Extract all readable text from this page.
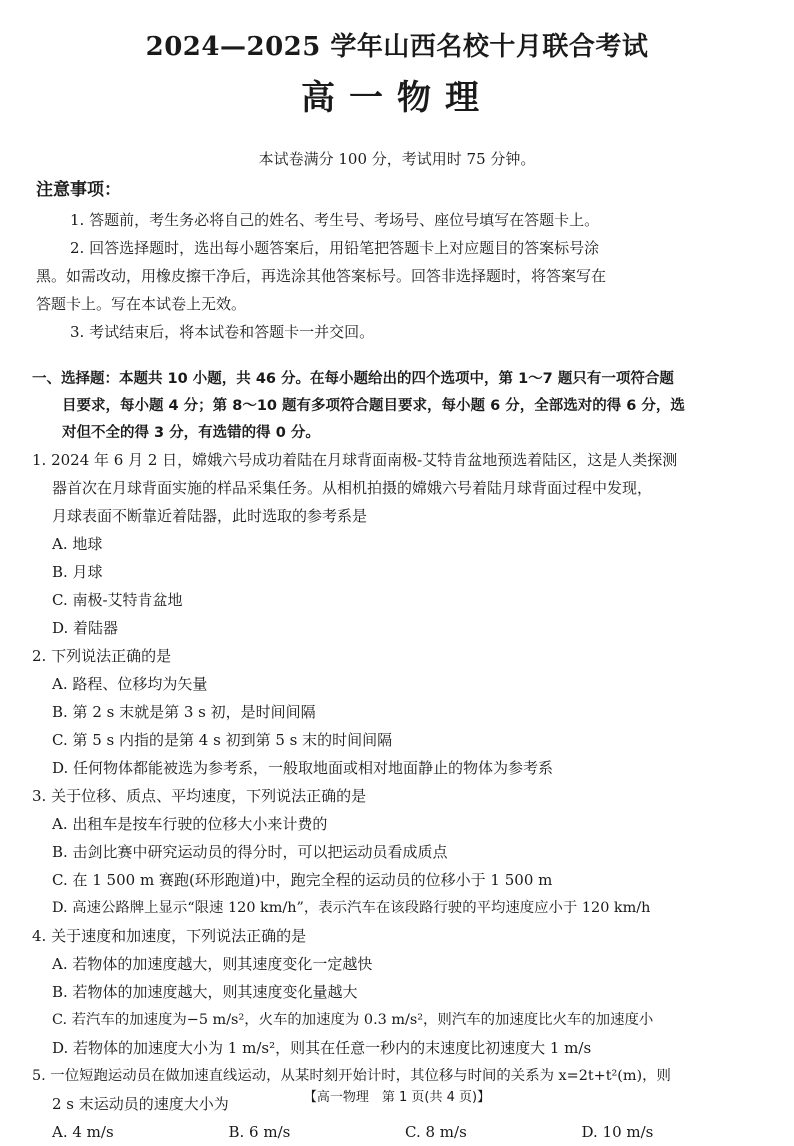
2024—2025 学年山西名校十月联合考试
高一物理
本试卷满分 100 分，考试用时 75 分钟。
注意事项：

1. 答题前，考生务必将自己的姓名、考生号、考场号、座位号填写在答题卡上。

2. 回答选择题时，选出每小题答案后，用铅笔把答题卡上对应题目的答案标号涂

黑。如需改动，用橡皮擦干净后，再选涂其他答案标号。回答非选择题时，将答案写在

答题卡上。写在本试卷上无效。

3. 考试结束后，将本试卷和答题卡一并交回。

一、选择题：本题共 10 小题，共 46 分。在每小题给出的四个选项中，第 1～7 题只有一项符合题
目要求，每小题 4 分；第 8～10 题有多项符合题目要求，每小题 6 分，全部选对的得 6 分，选
对但不全的得 3 分，有选错的得 0 分。
1. 2024 年 6 月 2 日，嫦娥六号成功着陆在月球背面南极-艾特肯盆地预选着陆区，这是人类探测
器首次在月球背面实施的样品采集任务。从相机拍摄的嫦娥六号着陆月球背面过程中发现，
月球表面不断靠近着陆器，此时选取的参考系是
A. 地球
B. 月球
C. 南极-艾特肯盆地
D. 着陆器
2. 下列说法正确的是
A. 路程、位移均为矢量
B. 第 2 s 末就是第 3 s 初，是时间间隔
C. 第 5 s 内指的是第 4 s 初到第 5 s 末的时间间隔
D. 任何物体都能被选为参考系，一般取地面或相对地面静止的物体为参考系
3. 关于位移、质点、平均速度，下列说法正确的是
A. 出租车是按车行驶的位移大小来计费的
B. 击剑比赛中研究运动员的得分时，可以把运动员看成质点
C. 在 1 500 m 赛跑(环形跑道)中，跑完全程的运动员的位移小于 1 500 m
D. 高速公路牌上显示“限速 120 km/h”，表示汽车在该段路行驶的平均速度应小于 120 km/h
4. 关于速度和加速度，下列说法正确的是
A. 若物体的加速度越大，则其速度变化一定越快
B. 若物体的加速度越大，则其速度变化量越大
C. 若汽车的加速度为−5 m/s²，火车的加速度为 0.3 m/s²，则汽车的加速度比火车的加速度小
D. 若物体的加速度大小为 1 m/s²，则其在任意一秒内的末速度比初速度大 1 m/s
5. 一位短跑运动员在做加速直线运动，从某时刻开始计时，其位移与时间的关系为 x=2t+t²(m)，则
2 s 末运动员的速度大小为
A. 4 m/s	B. 6 m/s	C. 8 m/s	D. 10 m/s
【高一物理　第 1 页(共 4 页)】
